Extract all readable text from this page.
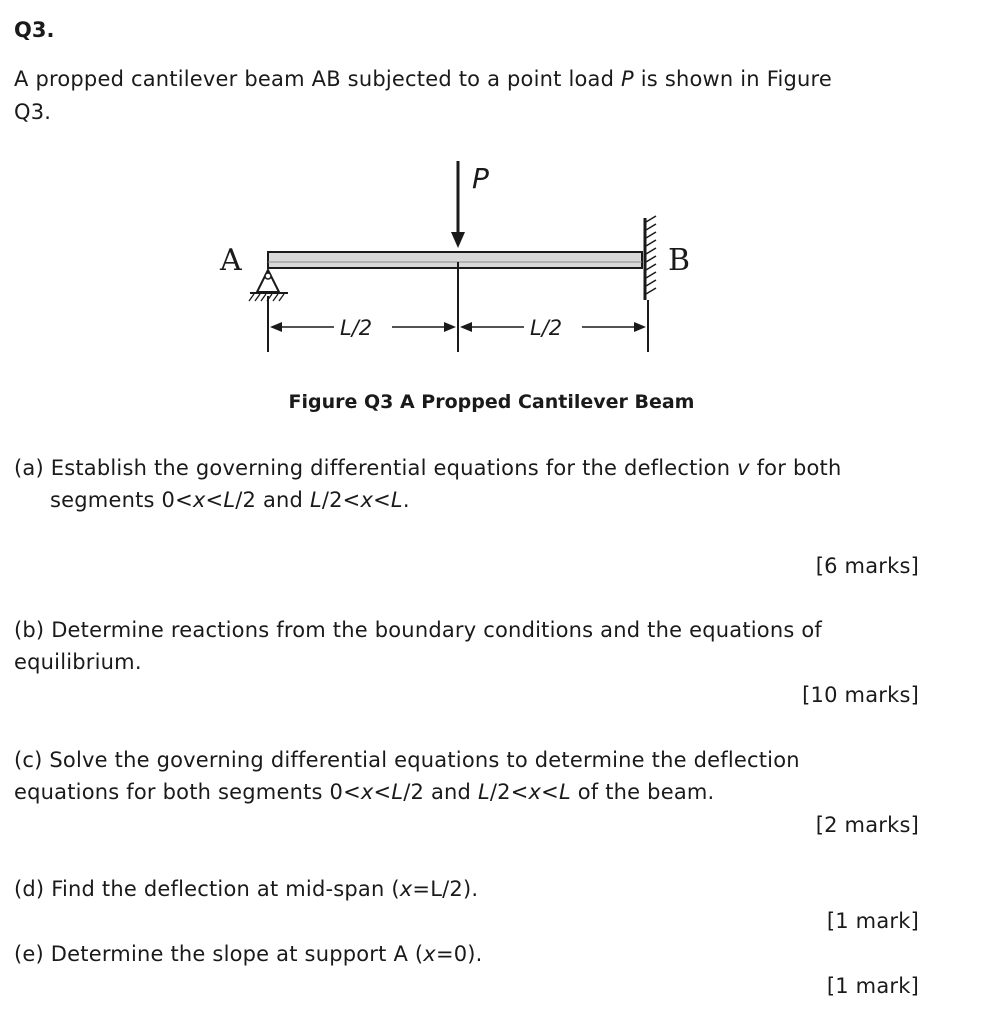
Q3.
A propped cantilever beam AB subjected to a point load P is shown in Figure
Q3.
P
A	B
L/2	L/2
Figure Q3 A Propped Cantilever Beam
(a) Establish the governing differential equations for the deflection v for both
segments 0<x<L/2 and L/2<x<L.
[6 marks]
(b) Determine reactions from the boundary conditions and the equations of
equilibrium.
[10 marks]
(c) Solve the governing differential equations to determine the deflection
equations for both segments 0<x<L/2 and L/2<x<L of the beam.
[2 marks]
(d) Find the deflection at mid-span (x=L/2).
[1 mark]
(e) Determine the slope at support A (x=0).
[1 mark]
